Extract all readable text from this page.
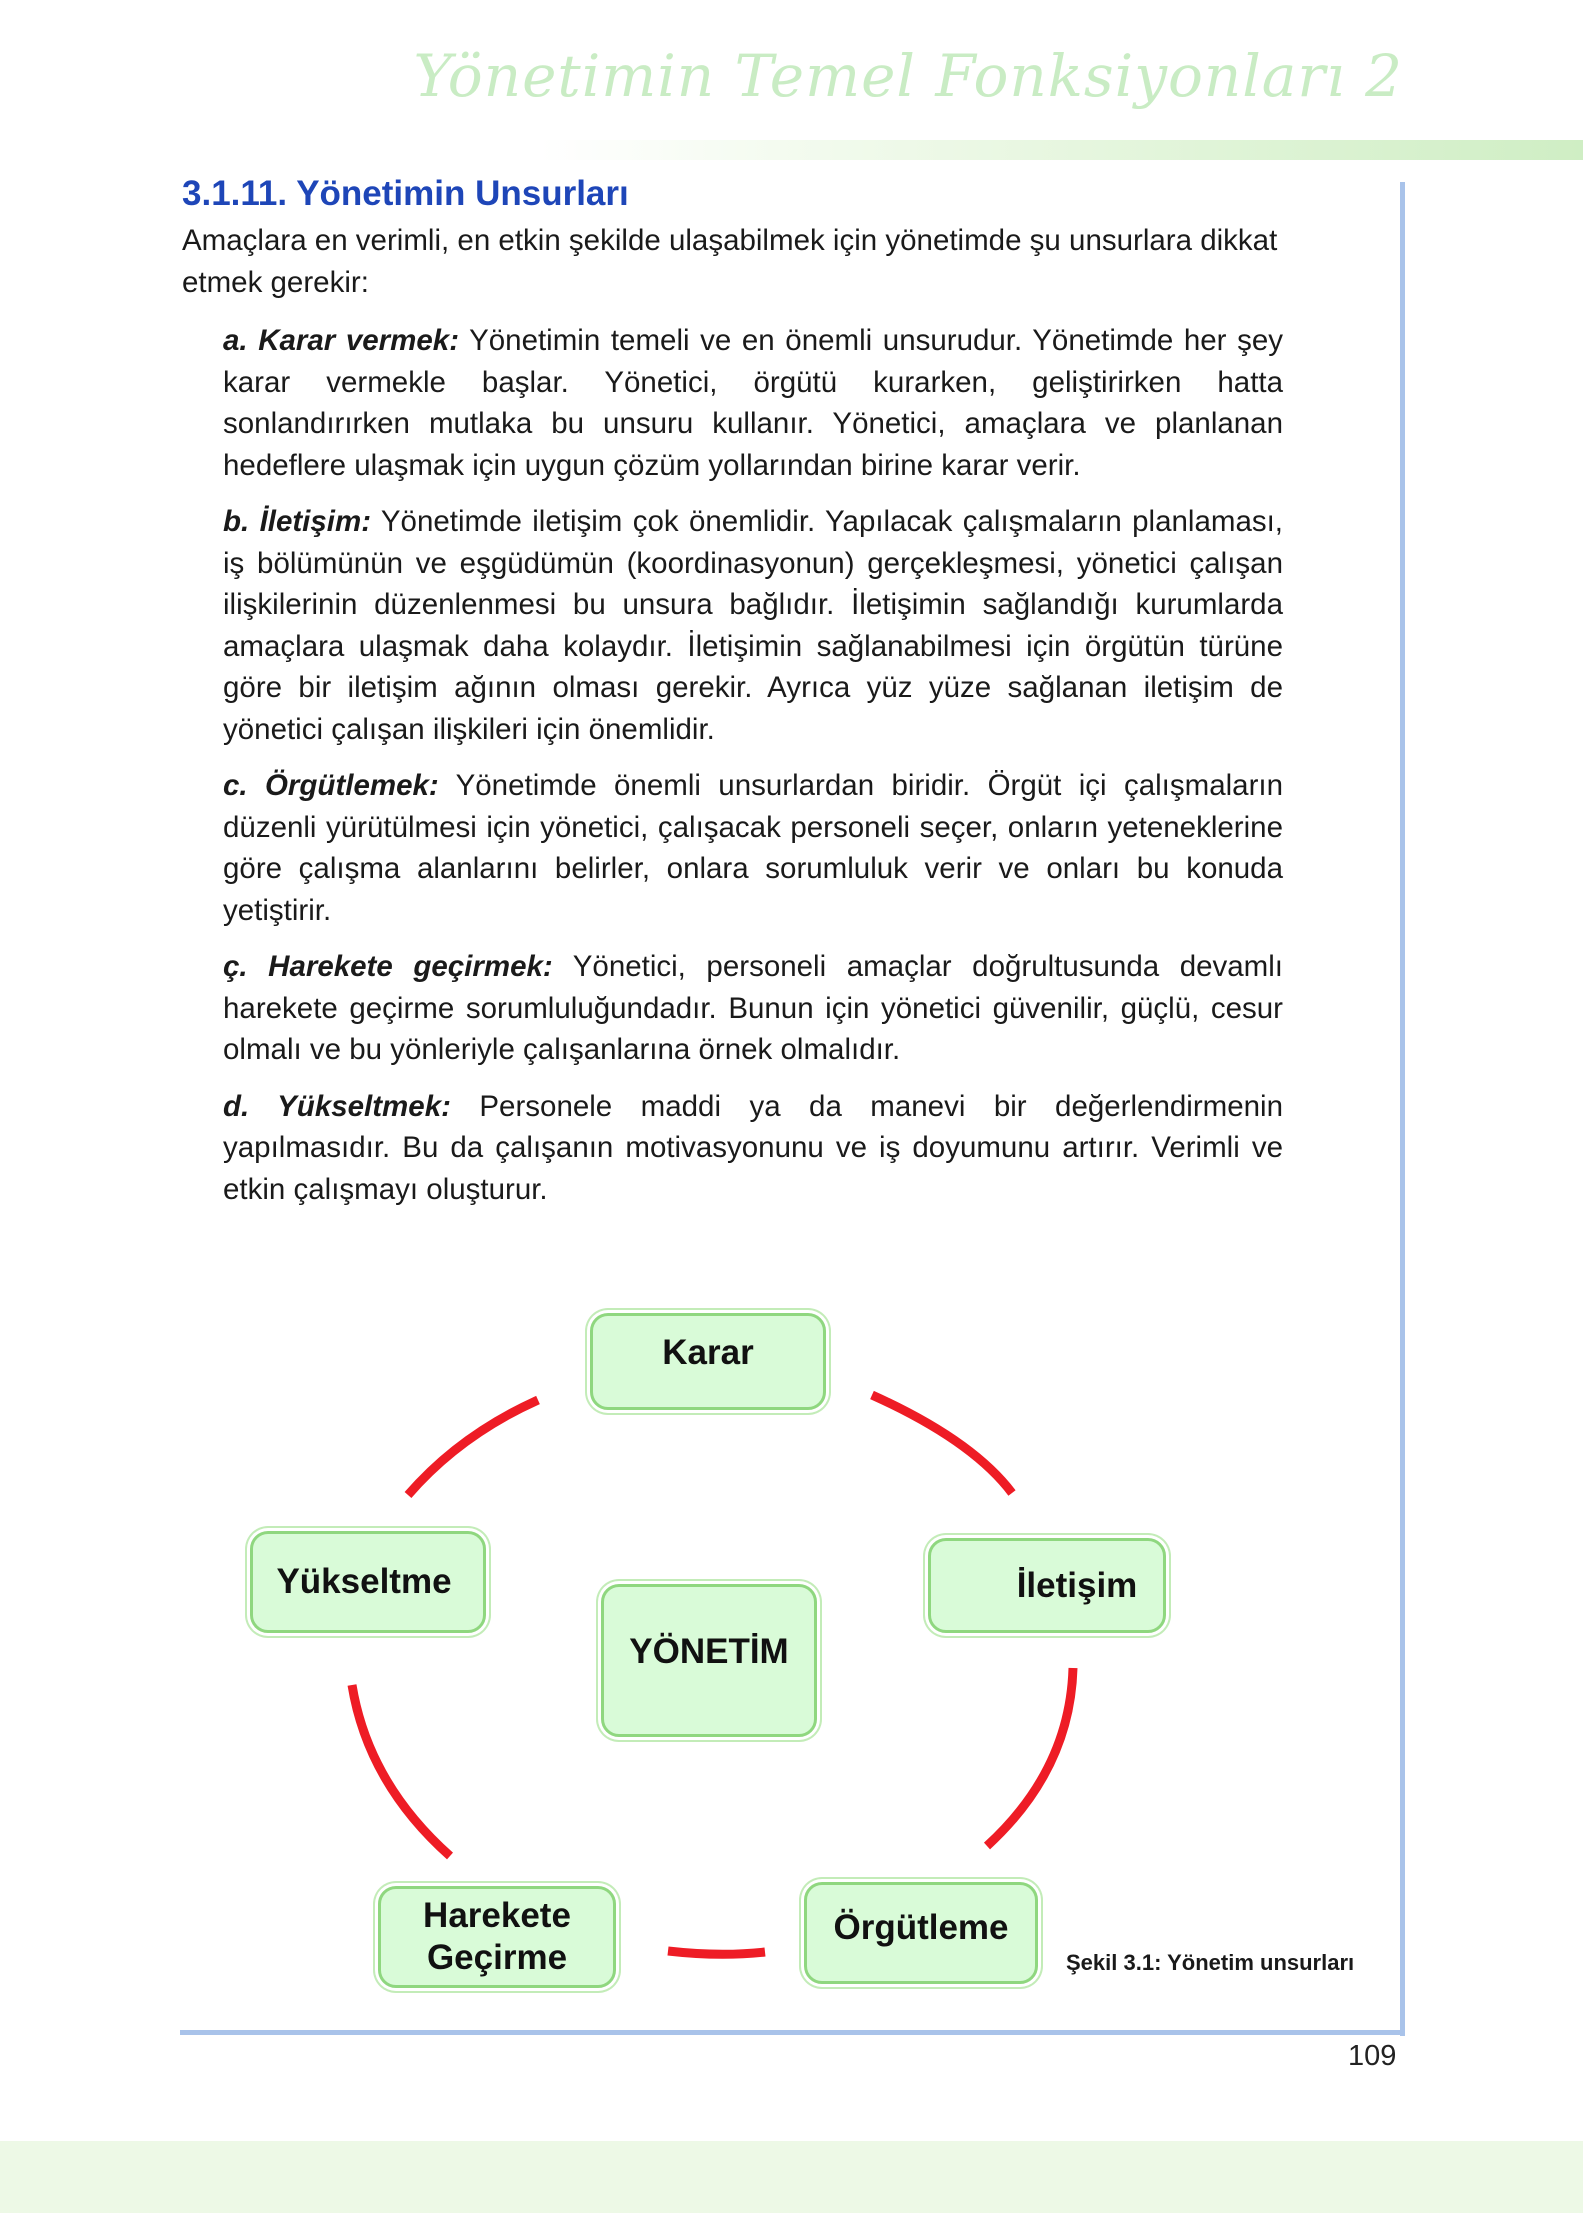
Yönetimin Temel Fonksiyonları 2
3.1.11. Yönetimin Unsurları

Amaçlara en verimli, en etkin şekilde ulaşabilmek için yönetimde şu unsurlara dikkat etmek gerekir:

a. Karar vermek: Yönetimin temeli ve en önemli unsurudur. Yönetimde her şey karar vermekle başlar. Yönetici, örgütü kurarken, geliştirirken hatta sonlandırırken mutlaka bu unsuru kullanır. Yönetici, amaçlara ve planlanan hedeflere ulaşmak için uygun çözüm yollarından birine karar verir.

b. İletişim: Yönetimde iletişim çok önemlidir. Yapılacak çalışmaların planlaması, iş bölümünün ve eşgüdümün (koordinasyonun) gerçekleşmesi, yönetici çalışan ilişkilerinin düzenlenmesi bu unsura bağlıdır. İletişimin sağlandığı kurumlarda amaçlara ulaşmak daha kolaydır. İletişimin sağlanabilmesi için örgütün türüne göre bir iletişim ağının olması gerekir. Ayrıca yüz yüze sağlanan iletişim de yönetici çalışan ilişkileri için önemlidir.

c. Örgütlemek: Yönetimde önemli unsurlardan biridir. Örgüt içi çalışmaların düzenli yürütülmesi için yönetici, çalışacak personeli seçer, onların yeteneklerine göre çalışma alanlarını belirler, onlara sorumluluk verir ve onları bu konuda yetiştirir.

ç. Harekete geçirmek: Yönetici, personeli amaçlar doğrultusunda devamlı harekete geçirme sorumluluğundadır. Bunun için yönetici güvenilir, güçlü, cesur olmalı ve bu yönleriyle çalışanlarına örnek olmalıdır.

d. Yükseltmek: Personele maddi ya da manevi bir değerlendirmenin yapılmasıdır. Bu da çalışanın motivasyonunu ve iş doyumunu artırır. Verimli ve etkin çalışmayı oluşturur.

Karar
İletişim
YÖNETİM
Yükseltme
Örgütleme
Harekete
Geçirme	Şekil 3.1: Yönetim unsurları

109
